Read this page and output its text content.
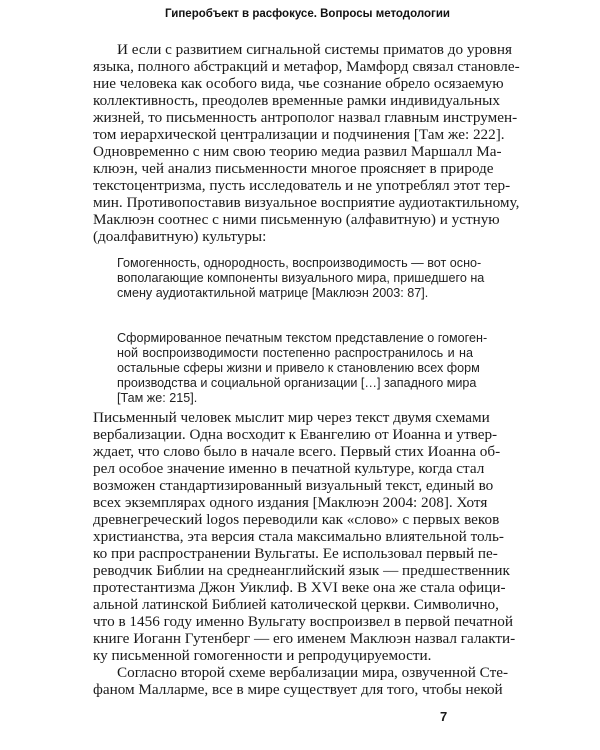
Гиперобъект в расфокусе. Вопросы методологии
И если с развитием сигнальной системы приматов до уровня
языка, полного абстракций и метафор, Мамфорд связал становле-
ние человека как особого вида, чье сознание обрело осязаемую
коллективность, преодолев временные рамки индивидуальных
жизней, то письменность антрополог назвал главным инструмен-
том иерархической централизации и подчинения [Там же: 222].
Одновременно с ним свою теорию медиа развил Маршалл Ма-
клюэн, чей анализ письменности многое проясняет в природе
текстоцентризма, пусть исследователь и не употреблял этот тер-
мин. Противопоставив визуальное восприятие аудиотактильному,
Маклюэн соотнес с ними письменную (алфавитную) и устную
(доалфавитную) культуры:
Гомогенность, однородность, воспроизводимость — вот осно-
вополагающие компоненты визуального мира, пришедшего на
смену аудиотактильной матрице [Маклюэн 2003: 87].
Сформированное печатным текстом представление о гомоген-
ной воспроизводимости постепенно распространилось и на
остальные сферы жизни и привело к становлению всех форм
производства и социальной организации […] западного мира
[Там же: 215].
Письменный человек мыслит мир через текст двумя схемами
вербализации. Одна восходит к Евангелию от Иоанна и утвер-
ждает, что слово было в начале всего. Первый стих Иоанна об-
рел особое значение именно в печатной культуре, когда стал
возможен стандартизированный визуальный текст, единый во
всех экземплярах одного издания [Маклюэн 2004: 208]. Хотя
древнегреческий logos переводили как «слово» с первых веков
христианства, эта версия стала максимально влиятельной толь-
ко при распространении Вульгаты. Ее использовал первый пе-
реводчик Библии на среднеанглийский язык — предшественник
протестантизма Джон Уиклиф. В XVI веке она же стала офици-
альной латинской Библией католической церкви. Символично,
что в 1456 году именно Вульгату воспроизвел в первой печатной
книге Иоганн Гутенберг — его именем Маклюэн назвал галакти-
ку письменной гомогенности и репродуцируемости.
Согласно второй схеме вербализации мира, озвученной Сте-
фаном Малларме, все в мире существует для того, чтобы некой
7
